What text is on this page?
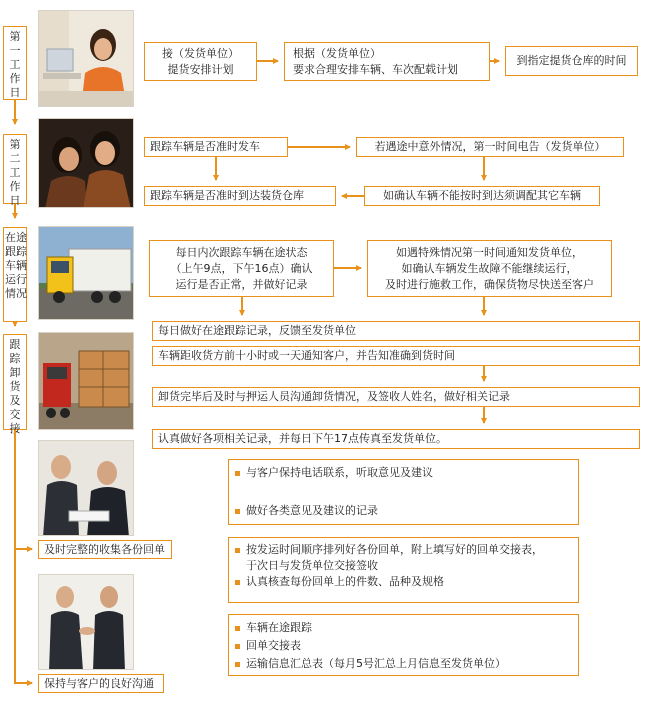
第一工作日
第二工作日
在途跟踪车辆运行情况
跟踪卸货及交接
及时完整的收集各份回单
保持与客户的良好沟通
接（发货单位）
提货安排计划
根据（发货单位）
要求合理安排车辆、车次配载计划
到指定提货仓库的时间
跟踪车辆是否准时发车	若遇途中意外情况，第一时间电告（发货单位）
跟踪车辆是否准时到达装货仓库	如确认车辆不能按时到达须调配其它车辆
每日内次跟踪车辆在途状态
（上午9点，下午16点）确认
运行是否正常，并做好记录
如遇特殊情况第一时间通知发货单位，
如确认车辆发生故障不能继续运行，
及时进行施救工作，确保货物尽快送至客户
每日做好在途跟踪记录，反馈至发货单位
车辆距收货方前十小时或一天通知客户，并告知准确到货时间
卸货完毕后及时与押运人员沟通卸货情况，及签收人姓名，做好相关记录
认真做好各项相关记录，并每日下午17点传真至发货单位。
与客户保持电话联系，听取意见及建议
做好各类意见及建议的记录
按发运时间顺序排列好各份回单，附上填写好的回单交接表，
于次日与发货单位交接签收
认真核查每份回单上的件数、品种及规格
车辆在途跟踪
回单交接表
运输信息汇总表（每月5号汇总上月信息至发货单位）
